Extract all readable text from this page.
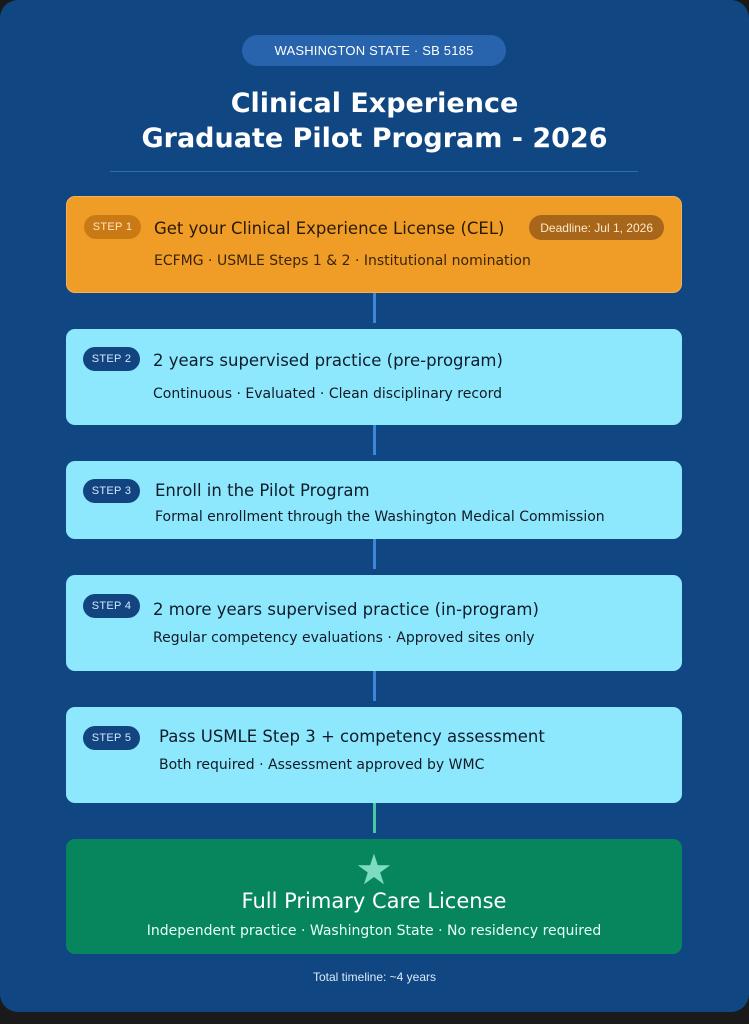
WASHINGTON STATE · SB 5185
Clinical Experience
Graduate Pilot Program - 2026
STEP 1	Get your Clinical Experience License (CEL)	Deadline: Jul 1, 2026
ECFMG · USMLE Steps 1 & 2 · Institutional nomination
STEP 2	2 years supervised practice (pre-program)
Continuous · Evaluated · Clean disciplinary record
STEP 3	Enroll in the Pilot Program
Formal enrollment through the Washington Medical Commission
STEP 4	2 more years supervised practice (in-program)
Regular competency evaluations · Approved sites only
STEP 5	Pass USMLE Step 3 + competency assessment
Both required · Assessment approved by WMC
★
Full Primary Care License
Independent practice · Washington State · No residency required
Total timeline: ~4 years
